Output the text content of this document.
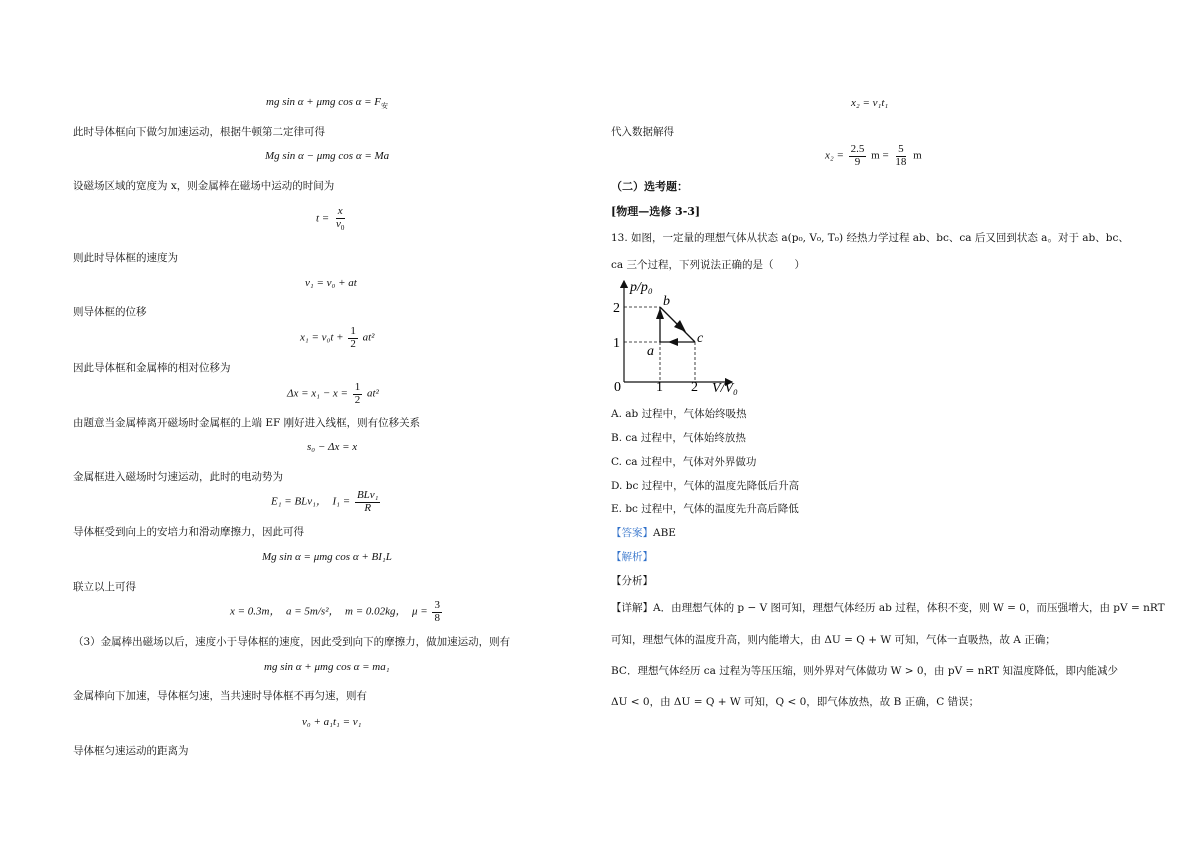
mg sin α + μmg $\cos \alpha = F_安$
此时导体框向下做匀加速运动，根据牛顿第二定律可得
Mg sin α − μmg cos α = Ma
设磁场区域的宽度为 x，则金属棒在磁场中运动的时间为
$t = \frac{x}{v_0}$
则此时导体框的速度为
v₁ = v₀ + at
则导体框的位移
$x_1 = v_0t + \frac{1}{2} at^2$
因此导体框和金属棒的相对位移为
$\Delta x = x_1 - x = \frac{1}{2} at^2$
由题意当金属棒离开磁场时金属框的上端 EF 刚好进入线框，则有位移关系
s₀ − Δx = x
金属框进入磁场时匀速运动，此时的电动势为
E₁ = BLv₁， $I_1 = \frac{\text{BLv₁}}{R}$
导体框受到向上的安培力和滑动摩擦力，因此可得
Mg sin α = μmg cos α + BI₁L
联立以上可得
x = 0.3m， a = 5m/s²， m = 0.02kg， $\mu = \frac{3}{8}$
（3）金属棒出磁场以后，速度小于导体框的速度，因此受到向下的摩擦力，做加速运动，则有
mg sin α + μmg cos α = ma₁
金属棒向下加速，导体框匀速，当共速时导体框不再匀速，则有
v₀ + a₁t₁ = v₁
导体框匀速运动的距离为
x₂ = v₁t₁
代入数据解得
$x_2 = \frac{2.5}{9}$ $m = \frac{5}{18}$ m
（二）选考题：
[物理—选修 3-3]
13. 如图，一定量的理想气体从状态 a(p₀, V₀, T₀) 经热力学过程 ab、bc、ca 后又回到状态 a。对于 ab、bc、
ca 三个过程，下列说法正确的是（　　）
p/p₀
V/V₀
0	1 2
1
2
a
b
c
A. ab 过程中，气体始终吸热
B. ca 过程中，气体始终放热
C. ca 过程中，气体对外界做功
D. bc 过程中，气体的温度先降低后升高
E. bc 过程中，气体的温度先升高后降低
【答案】ABE
【解析】
【分析】
【详解】A．由理想气体的 p − V 图可知，理想气体经历 ab 过程，体积不变，则 W = 0，而压强增大，由 pV = nRT
可知，理想气体的温度升高，则内能增大，由 ΔU = Q + W 可知，气体一直吸热，故 A 正确；
BC．理想气体经历 ca 过程为等压压缩，则外界对气体做功 W > 0，由 pV = nRT 知温度降低，即内能减少
ΔU < 0，由 ΔU = Q + W 可知，Q < 0，即气体放热，故 B 正确，C 错误；
